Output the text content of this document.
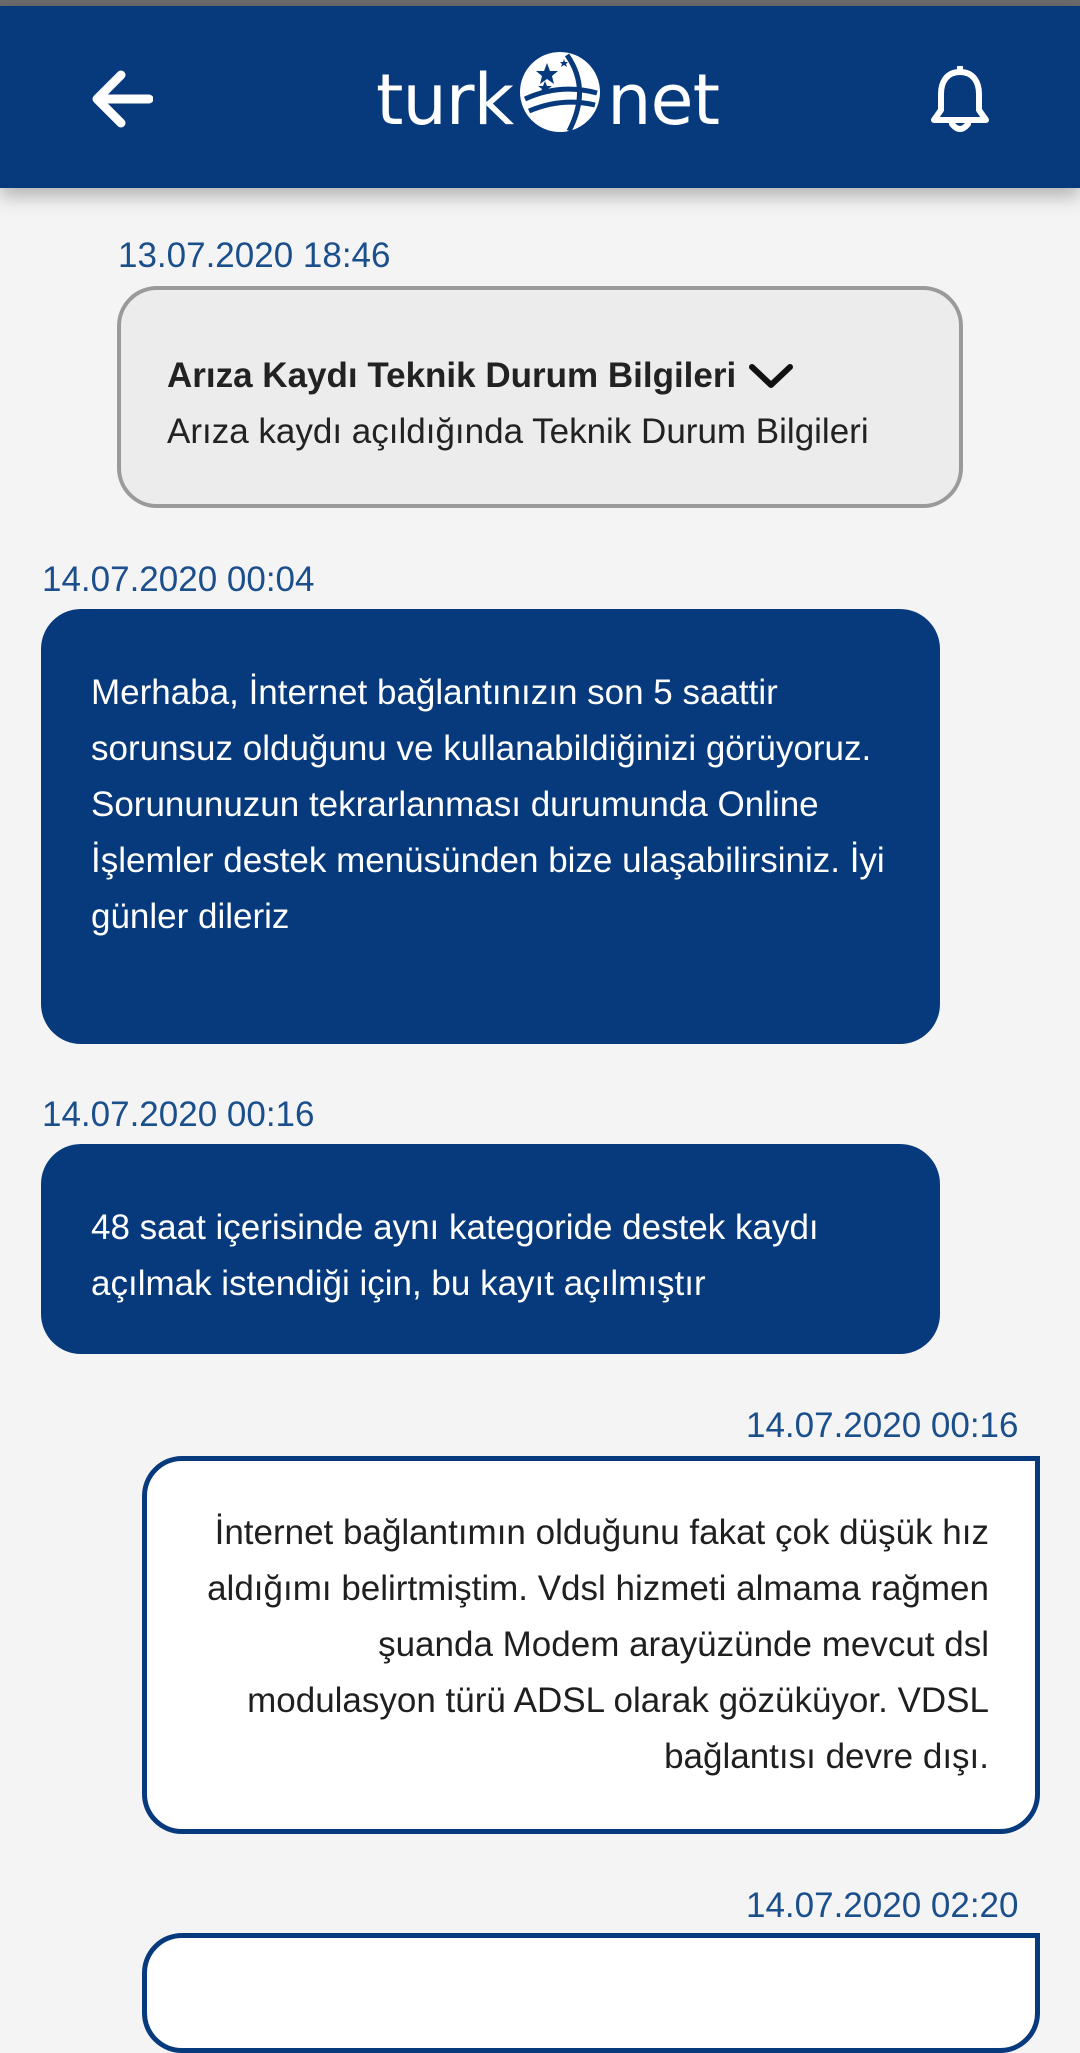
turk net
13.07.2020 18:46
Arıza Kaydı Teknik Durum Bilgileri
Arıza kaydı açıldığında Teknik Durum Bilgileri
14.07.2020 00:04
Merhaba, İnternet bağlantınızın son 5 saattir sorunsuz olduğunu ve kullanabildiğinizi görüyoruz. Sorununuzun tekrarlanması durumunda Online İşlemler destek menüsünden bize ulaşabilirsiniz. İyi günler dileriz
14.07.2020 00:16
48 saat içerisinde aynı kategoride destek kaydı açılmak istendiği için, bu kayıt açılmıştır
14.07.2020 00:16
İnternet bağlantımın olduğunu fakat çok düşük hız aldığımı belirtmiştim. Vdsl hizmeti almama rağmen şuanda Modem arayüzünde mevcut dsl modulasyon türü ADSL olarak gözüküyor. VDSL bağlantısı devre dışı.
14.07.2020 02:20
